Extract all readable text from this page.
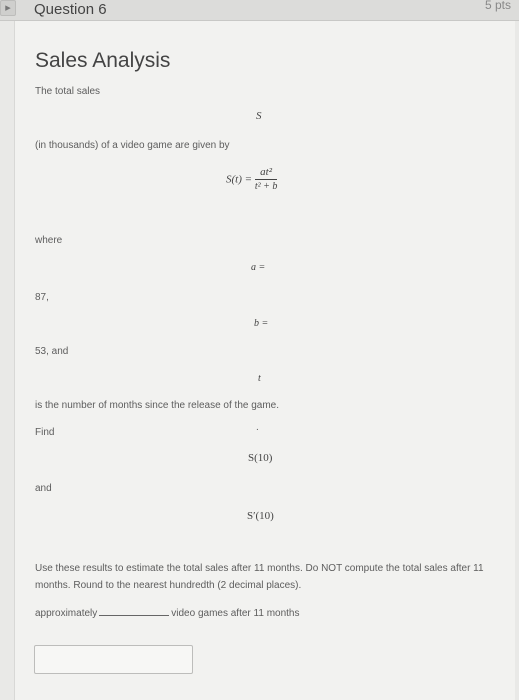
▸	Question 6	5 pts
Sales Analysis
The total sales
S
(in thousands) of a video game are given by
$S(t) = \frac{\text{at²}}{\text{t² + b}}$
where
a =
87,
b =
53, and
t
is the number of months since the release of the game.
Find	.
S(10)
and
S′(10)
Use these results to estimate the total sales after 11 months. Do NOT compute the total sales after 11 months. Round to the nearest hundredth (2 decimal places).
approximately	video games after 11 months
